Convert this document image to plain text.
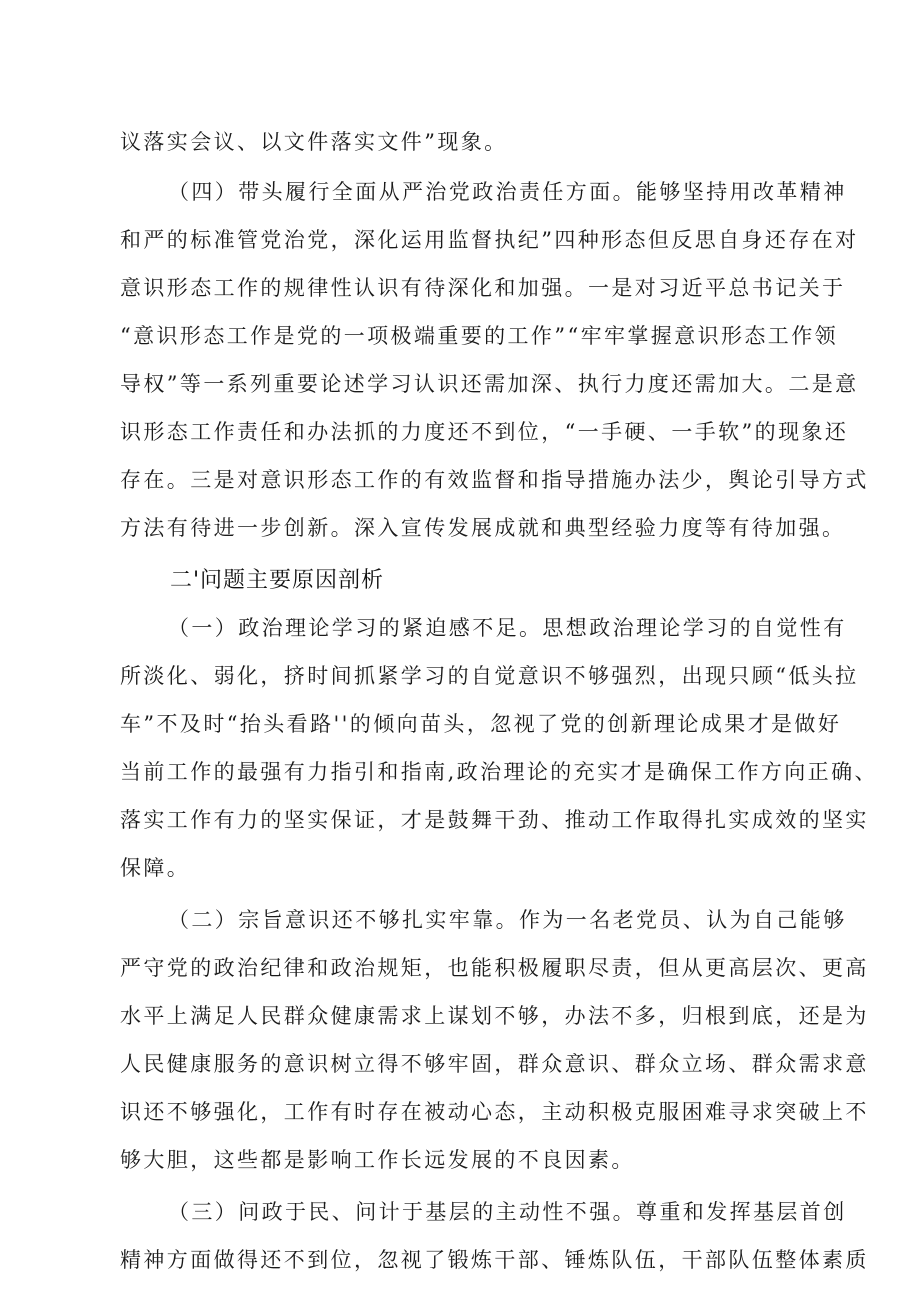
议落实会议、以文件落实文件”现象。
（四）带头履行全面从严治党政治责任方面。能够坚持用改革精神
和严的标准管党治党，深化运用监督执纪”四种形态但反思自身还存在对
意识形态工作的规律性认识有待深化和加强。一是对习近平总书记关于
“意识形态工作是党的一项极端重要的工作”“牢牢掌握意识形态工作领
导权”等一系列重要论述学习认识还需加深、执行力度还需加大。二是意
识形态工作责任和办法抓的力度还不到位，“一手硬、一手软”的现象还
存在。三是对意识形态工作的有效监督和指导措施办法少，舆论引导方式
方法有待进一步创新。深入宣传发展成就和典型经验力度等有待加强。
二'问题主要原因剖析
（一）政治理论学习的紧迫感不足。思想政治理论学习的自觉性有
所淡化、弱化，挤时间抓紧学习的自觉意识不够强烈，出现只顾“低头拉
车”不及时“抬头看路''的倾向苗头，忽视了党的创新理论成果才是做好
当前工作的最强有力指引和指南,政治理论的充实才是确保工作方向正确、
落实工作有力的坚实保证，才是鼓舞干劲、推动工作取得扎实成效的坚实
保障。
（二）宗旨意识还不够扎实牢靠。作为一名老党员、认为自己能够
严守党的政治纪律和政治规矩，也能积极履职尽责，但从更高层次、更高
水平上满足人民群众健康需求上谋划不够，办法不多，归根到底，还是为
人民健康服务的意识树立得不够牢固，群众意识、群众立场、群众需求意
识还不够强化，工作有时存在被动心态，主动积极克服困难寻求突破上不
够大胆，这些都是影响工作长远发展的不良因素。
（三）问政于民、问计于基层的主动性不强。尊重和发挥基层首创
精神方面做得还不到位，忽视了锻炼干部、锤炼队伍，干部队伍整体素质
